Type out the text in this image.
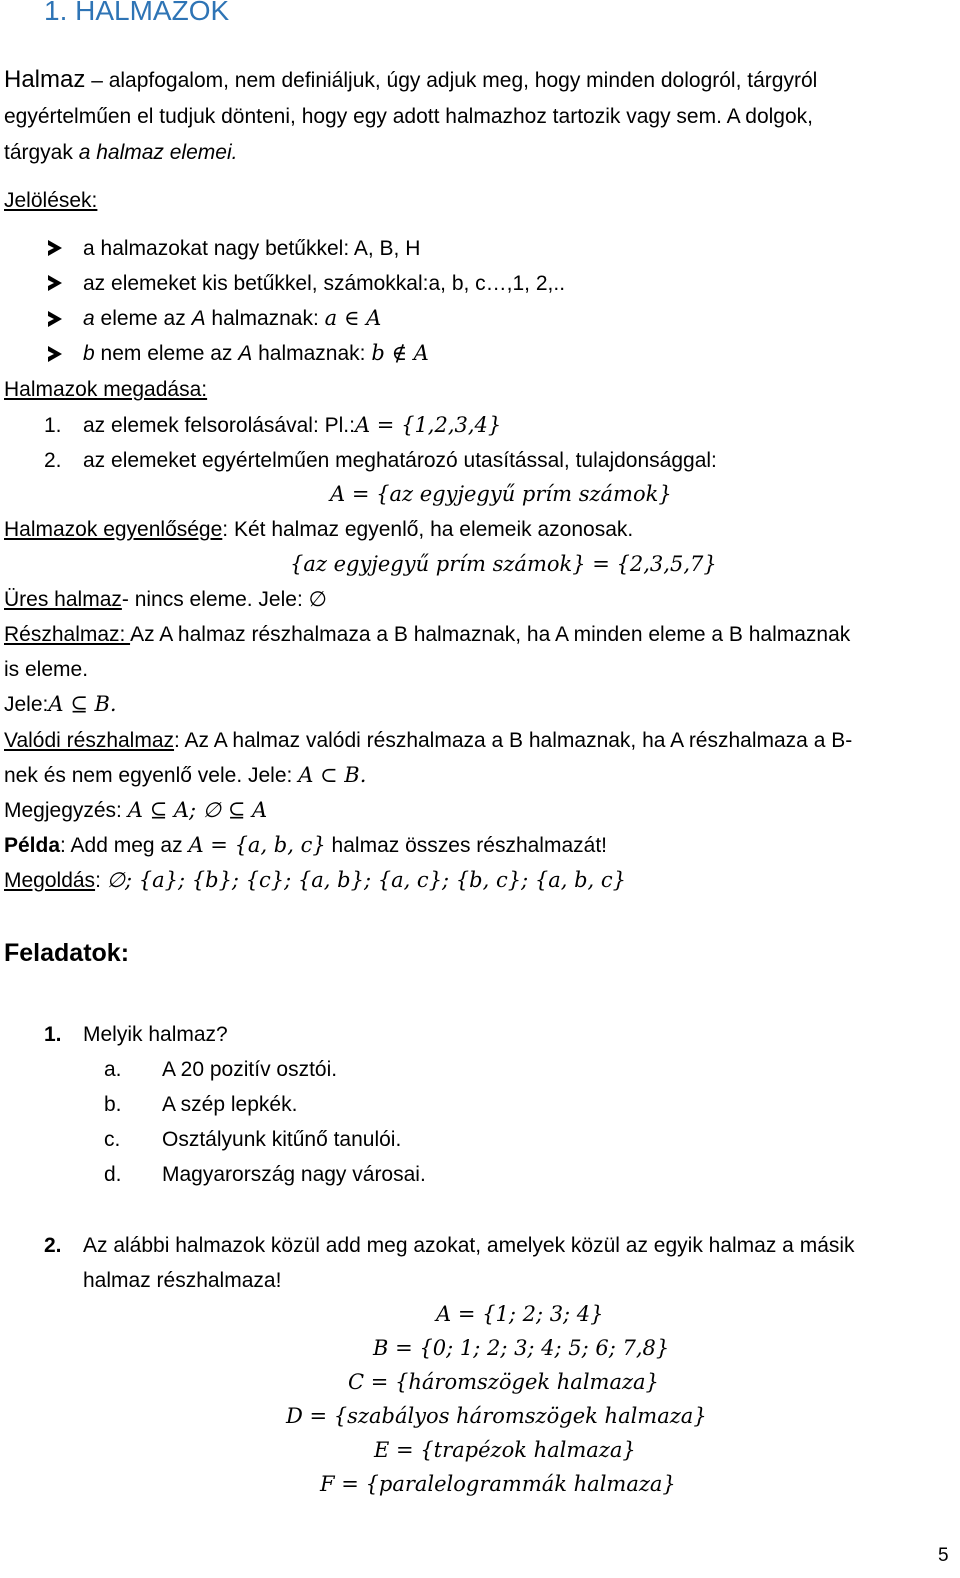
1. HALMAZOK
Halmaz – alapfogalom, nem definiáljuk, úgy adjuk meg, hogy minden dologról, tárgyról
egyértelműen el tudjuk dönteni, hogy egy adott halmazhoz tartozik vagy sem. A dolgok,
tárgyak a halmaz elemei.
Jelölések:
a halmazokat nagy betűkkel: A, B, H
az elemeket kis betűkkel, számokkal:a, b, c…,1, 2,..
a eleme az A halmaznak: a ∈ A
b nem eleme az A halmaznak: b ∉ A
Halmazok megadása:
1. az elemek felsorolásával: Pl.:A = {1,2,3,4}
2. az elemeket egyértelműen meghatározó utasítással, tulajdonsággal:
A = {az egyjegyű prím számok}
Halmazok egyenlősége: Két halmaz egyenlő, ha elemeik azonosak.
{az egyjegyű prím számok} = {2,3,5,7}
Üres halmaz- nincs eleme. Jele: ∅
Részhalmaz: Az A halmaz részhalmaza a B halmaznak, ha A minden eleme a B halmaznak
is eleme.
Jele:A ⊆ B.
Valódi részhalmaz: Az A halmaz valódi részhalmaza a B halmaznak, ha A részhalmaza a B-
nek és nem egyenlő vele. Jele: A ⊂ B.
Megjegyzés: A ⊆ A; ∅ ⊆ A
Példa: Add meg az A = {a, b, c} halmaz összes részhalmazát!
Megoldás: ∅; {a}; {b}; {c}; {a, b}; {a, c}; {b, c}; {a, b, c}
Feladatok:
1. Melyik halmaz?
a. A 20 pozitív osztói.
b. A szép lepkék.
c. Osztályunk kitűnő tanulói.
d. Magyarország nagy városai.
2. Az alábbi halmazok közül add meg azokat, amelyek közül az egyik halmaz a másik
halmaz részhalmaza!
A = {1; 2; 3; 4}
B = {0; 1; 2; 3; 4; 5; 6; 7,8}
C = {háromszögek halmaza}
D = {szabályos háromszögek halmaza}
E = {trapézok halmaza}
F = {paralelogrammák halmaza}
5
